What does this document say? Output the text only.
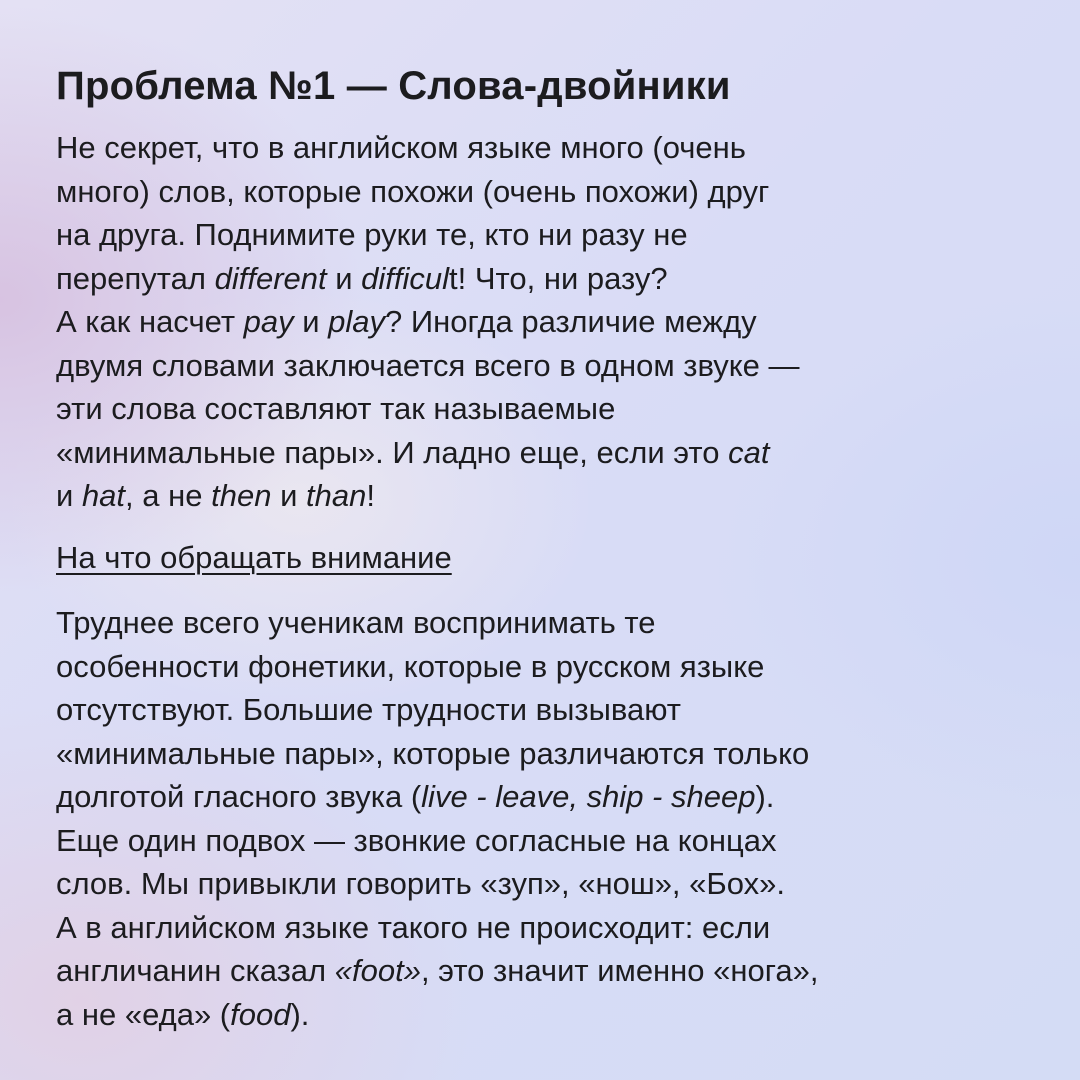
Проблема №1 — Слова-двойники
Не секрет, что в английском языке много (очень
много) слов, которые похожи (очень похожи) друг
на друга. Поднимите руки те, кто ни разу не
перепутал different и difficult! Что, ни разу?
А как насчет pay и play? Иногда различие между
двумя словами заключается всего в одном звуке —
эти слова составляют так называемые
«минимальные пары». И ладно еще, если это cat
и hat, а не then и than!
На что обращать внимание
Труднее всего ученикам воспринимать те
особенности фонетики, которые в русском языке
отсутствуют. Большие трудности вызывают
«минимальные пары», которые различаются только
долготой гласного звука (live - leave, ship - sheep).
Еще один подвох — звонкие согласные на концах
слов. Мы привыкли говорить «зуп», «нош», «Бох».
А в английском языке такого не происходит: если
англичанин сказал «foot», это значит именно «нога»,
а не «еда» (food).
